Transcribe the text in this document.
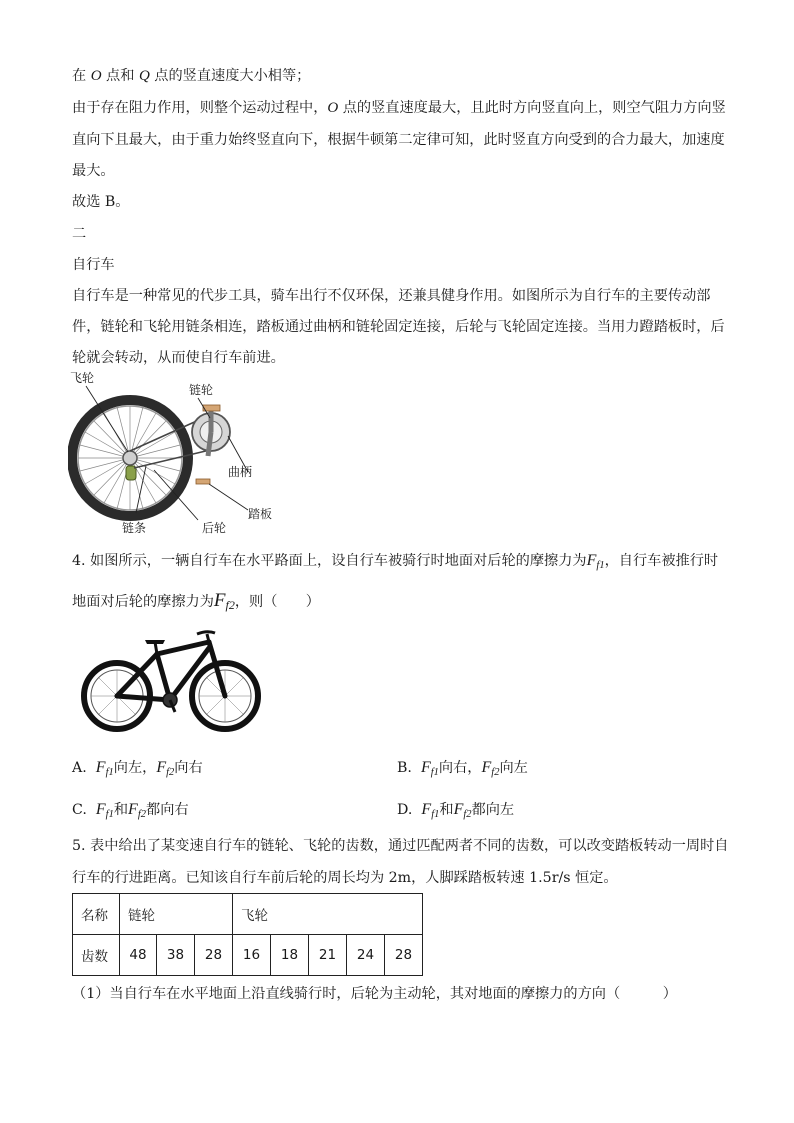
在 O 点和 Q 点的竖直速度大小相等；
由于存在阻力作用，则整个运动过程中，O 点的竖直速度最大，且此时方向竖直向上，则空气阻力方向竖
直向下且最大，由于重力始终竖直向下，根据牛顿第二定律可知，此时竖直方向受到的合力最大，加速度
最大。
故选 B。
二
自行车
自行车是一种常见的代步工具，骑车出行不仅环保，还兼具健身作用。如图所示为自行车的主要传动部
件，链轮和飞轮用链条相连，踏板通过曲柄和链轮固定连接，后轮与飞轮固定连接。当用力蹬踏板时，后
轮就会转动，从而使自行车前进。
飞轮
链轮
曲柄
踏板
链条	后轮
4. 如图所示，一辆自行车在水平路面上，设自行车被骑行时地面对后轮的摩擦力为$F_{f1}$，自行车被推行时
地面对后轮的摩擦力为$F_{f2}$，则（　　）
VANMOOF
A. $F_{f1}$向左，$F_{f2}$向右	B. $F_{f1}$向右，$F_{f2}$向左
C. $F_{f1}$和$F_{f2}$都向右	D. $F_{f1}$和$F_{f2}$都向左
5. 表中给出了某变速自行车的链轮、飞轮的齿数，通过匹配两者不同的齿数，可以改变踏板转动一周时自
行车的行进距离。已知该自行车前后轮的周长均为 2m，人脚踩踏板转速 1.5r/s 恒定。
名称	链轮			飞轮				
齿数	48	38	28	16	18	21	24	28
（1）当自行车在水平地面上沿直线骑行时，后轮为主动轮，其对地面的摩擦力的方向（　　　）
